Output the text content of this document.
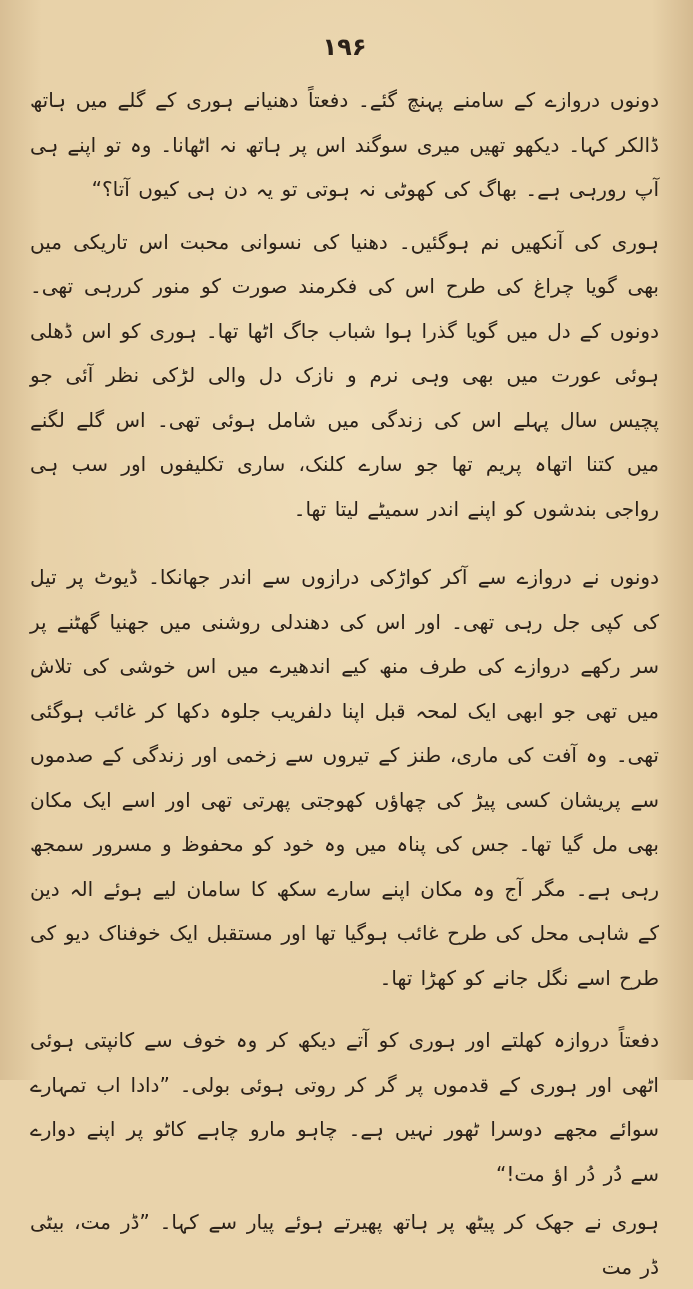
۱۹۶

دونوں دروازے کے سامنے پہنچ گئے۔ دفعتاً دھنیانے ہوری کے گلے میں ہاتھ ڈالکر کہا۔ دیکھو تھیں میری سوگند اس پر ہاتھ نہ اٹھانا۔ وہ تو اپنے ہی آپ رورہی ہے۔ بھاگ کی کھوٹی نہ ہوتی تو یہ دن ہی کیوں آتا؟“

ہوری کی آنکھیں نم ہوگئیں۔ دھنیا کی نسوانی محبت اس تاریکی میں بھی گویا چراغ کی طرح اس کی فکرمند صورت کو منور کررہی تھی۔ دونوں کے دل میں گویا گذرا ہوا شباب جاگ اٹھا تھا۔ ہوری کو اس ڈھلی ہوئی عورت میں بھی وہی نرم و نازک دل والی لڑکی نظر آئی جو پچیس سال پہلے اس کی زندگی میں شامل ہوئی تھی۔ اس گلے لگنے میں کتنا اتھاہ پریم تھا جو سارے کلنک، ساری تکلیفوں اور سب ہی رواجی بندشوں کو اپنے اندر سمیٹے لیتا تھا۔

دونوں نے دروازے سے آکر کواڑکی درازوں سے اندر جھانکا۔ ڈیوٹ پر تیل کی کپی جل رہی تھی۔ اور اس کی دھندلی روشنی میں جھنیا گھٹنے پر سر رکھے دروازے کی طرف منھ کیے اندھیرے میں اس خوشی کی تلاش میں تھی جو ابھی ایک لمحہ قبل اپنا دلفریب جلوہ دکھا کر غائب ہوگئی تھی۔ وہ آفت کی ماری، طنز کے تیروں سے زخمی اور زندگی کے صدموں سے پریشان کسی پیڑ کی چھاؤں کھوجتی پھرتی تھی اور اسے ایک مکان بھی مل گیا تھا۔ جس کی پناہ میں وہ خود کو محفوظ و مسرور سمجھ رہی ہے۔ مگر آج وہ مکان اپنے سارے سکھ کا سامان لیے ہوئے الہ دین کے شاہی محل کی طرح غائب ہوگیا تھا اور مستقبل ایک خوفناک دیو کی طرح اسے نگل جانے کو کھڑا تھا۔

دفعتاً دروازہ کھلتے اور ہوری کو آتے دیکھ کر وہ خوف سے کانپتی ہوئی اٹھی اور ہوری کے قدموں پر گر کر روتی ہوئی بولی۔ ”دادا اب تمہارے سوائے مجھے دوسرا ٹھور نہیں ہے۔ چاہو مارو چاہے کاٹو پر اپنے دوارے سے دُر دُر اؤ مت!“

ہوری نے جھک کر پیٹھ پر ہاتھ پھیرتے ہوئے پیار سے کہا۔ ”ڈر مت، بیٹی ڈر مت
